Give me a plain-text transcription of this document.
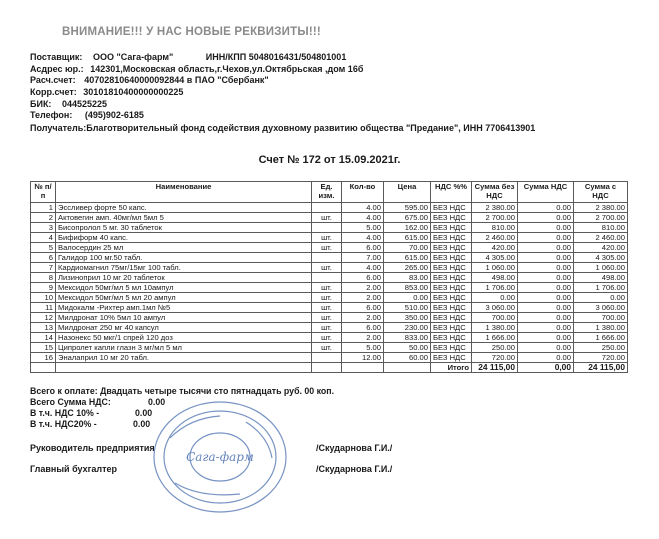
ВНИМАНИЕ!!! У НАС НОВЫЕ РЕКВИЗИТЫ!!!
Поставщик: ООО "Сага-фарм"	ИНН/КПП 5048016431/504801001
Асдрес юр.: 142301,Московская область,г.Чехов,ул.Октябрьская ,дом 16б
Расч.счет: 40702810640000092844 в ПАО "Сбербанк"
Корр.счет: 30101810400000000225
БИК: 044525225
Телефон: (495)902-6185
Получатель:Благотворительный фонд содействия духовному развитию общества "Предание", ИНН 7706413901
Счет № 172 от 15.09.2021г.
№ п/п	Наименование	Ед. изм.	Кол-во	Цена	НДС %%	Сумма без НДС	Сумма НДС	Сумма с НДС
1	Эсcливер форте 50 капс.		4.00	595.00	БЕЗ НДС	2 380.00	0.00	2 380.00
2	Актовегин амп. 40мг/мл 5мл 5	шт.	4.00	675.00	БЕЗ НДС	2 700.00	0.00	2 700.00
3	Бисопролол 5 мг. 30 таблеток		5.00	162.00	БЕЗ НДС	810.00	0.00	810.00
4	Бифиформ 40 капс.	шт.	4.00	615.00	БЕЗ НДС	2 460.00	0.00	2 460.00
5	Валосердин 25 мл	шт.	6.00	70.00	БЕЗ НДС	420.00	0.00	420.00
6	Галидор 100 мг.50 табл.		7.00	615.00	БЕЗ НДС	4 305.00	0.00	4 305.00
7	Кардиомагнил 75мг/15мг 100 табл.	шт.	4.00	265.00	БЕЗ НДС	1 060.00	0.00	1 060.00
8	Лизиноприл 10 мг 20 таблеток		6.00	83.00	БЕЗ НДС	498.00	0.00	498.00
9	Мексидол 50мг/мл 5 мл 10ампул	шт.	2.00	853.00	БЕЗ НДС	1 706.00	0.00	1 706.00
10	Мексидол 50мг/мл 5 мл 20 ампул	шт.	2.00	0.00	БЕЗ НДС	0.00	0.00	0.00
11	Мидокалм -Рихтер амп.1мл №5	шт.	6.00	510.00	БЕЗ НДС	3 060.00	0.00	3 060.00
12	Милдронат 10% 5мл 10 ампул	шт.	2.00	350.00	БЕЗ НДС	700.00	0.00	700.00
13	Милдронат 250 мг 40 капсул	шт.	6.00	230.00	БЕЗ НДС	1 380.00	0.00	1 380.00
14	Назонекс 50 мкг/1 спрей 120 доз	шт.	2.00	833.00	БЕЗ НДС	1 666.00	0.00	1 666.00
15	Ципролет капли глазн 3 мг/мл 5 мл	шт.	5.00	50.00	БЕЗ НДС	250.00	0.00	250.00
16	Эналаприл 10 мг 20 табл.		12.00	60.00	БЕЗ НДС	720.00	0.00	720.00
					Итого	24 115,00	0,00	24 115,00
Всего к оплате: Двадцать четыре тысячи сто пятнадцать руб. 00 коп.
Всего Сумма НДС:	0.00
В т.ч. НДС 10% -	0.00
В т.ч. НДС20% -	0.00
Сага-фарм
Руководитель предприятия	/Скударнова Г.И./
Главный бухгалтер	/Скударнова Г.И./
